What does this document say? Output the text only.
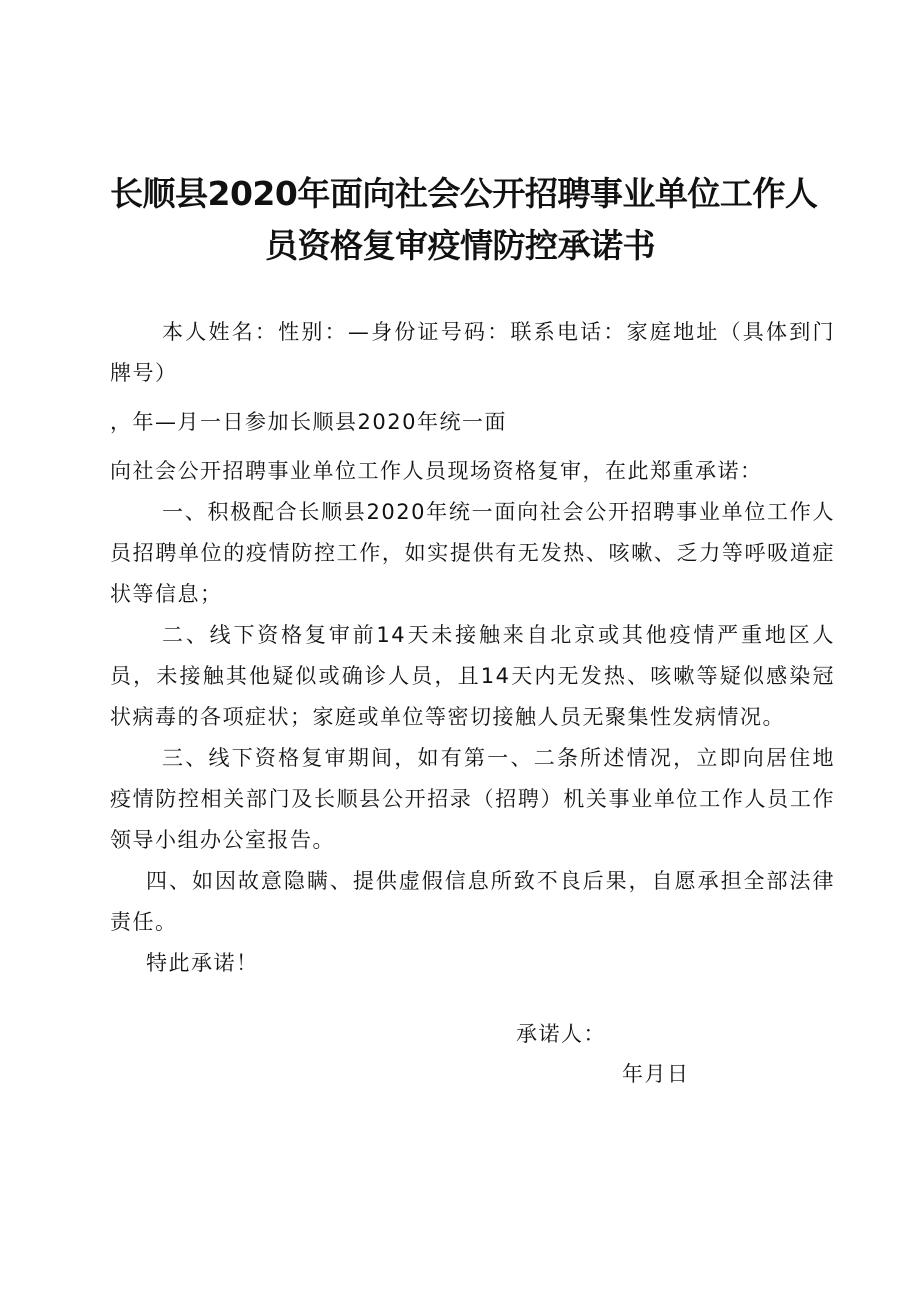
长顺县2020年面向社会公开招聘事业单位工作人
员资格复审疫情防控承诺书

本人姓名：性别：—身份证号码：联系电话：家庭地址（具体到门牌号）

，年—月一日参加长顺县2020年统一面

向社会公开招聘事业单位工作人员现场资格复审，在此郑重承诺：

一、积极配合长顺县2020年统一面向社会公开招聘事业单位工作人员招聘单位的疫情防控工作，如实提供有无发热、咳嗽、乏力等呼吸道症状等信息；

二、线下资格复审前14天未接触来自北京或其他疫情严重地区人员，未接触其他疑似或确诊人员，且14天内无发热、咳嗽等疑似感染冠状病毒的各项症状；家庭或单位等密切接触人员无聚集性发病情况。

三、线下资格复审期间，如有第一、二条所述情况，立即向居住地疫情防控相关部门及长顺县公开招录（招聘）机关事业单位工作人员工作领导小组办公室报告。

四、如因故意隐瞒、提供虚假信息所致不良后果，自愿承担全部法律责任。

特此承诺！

承诺人：
年月日
